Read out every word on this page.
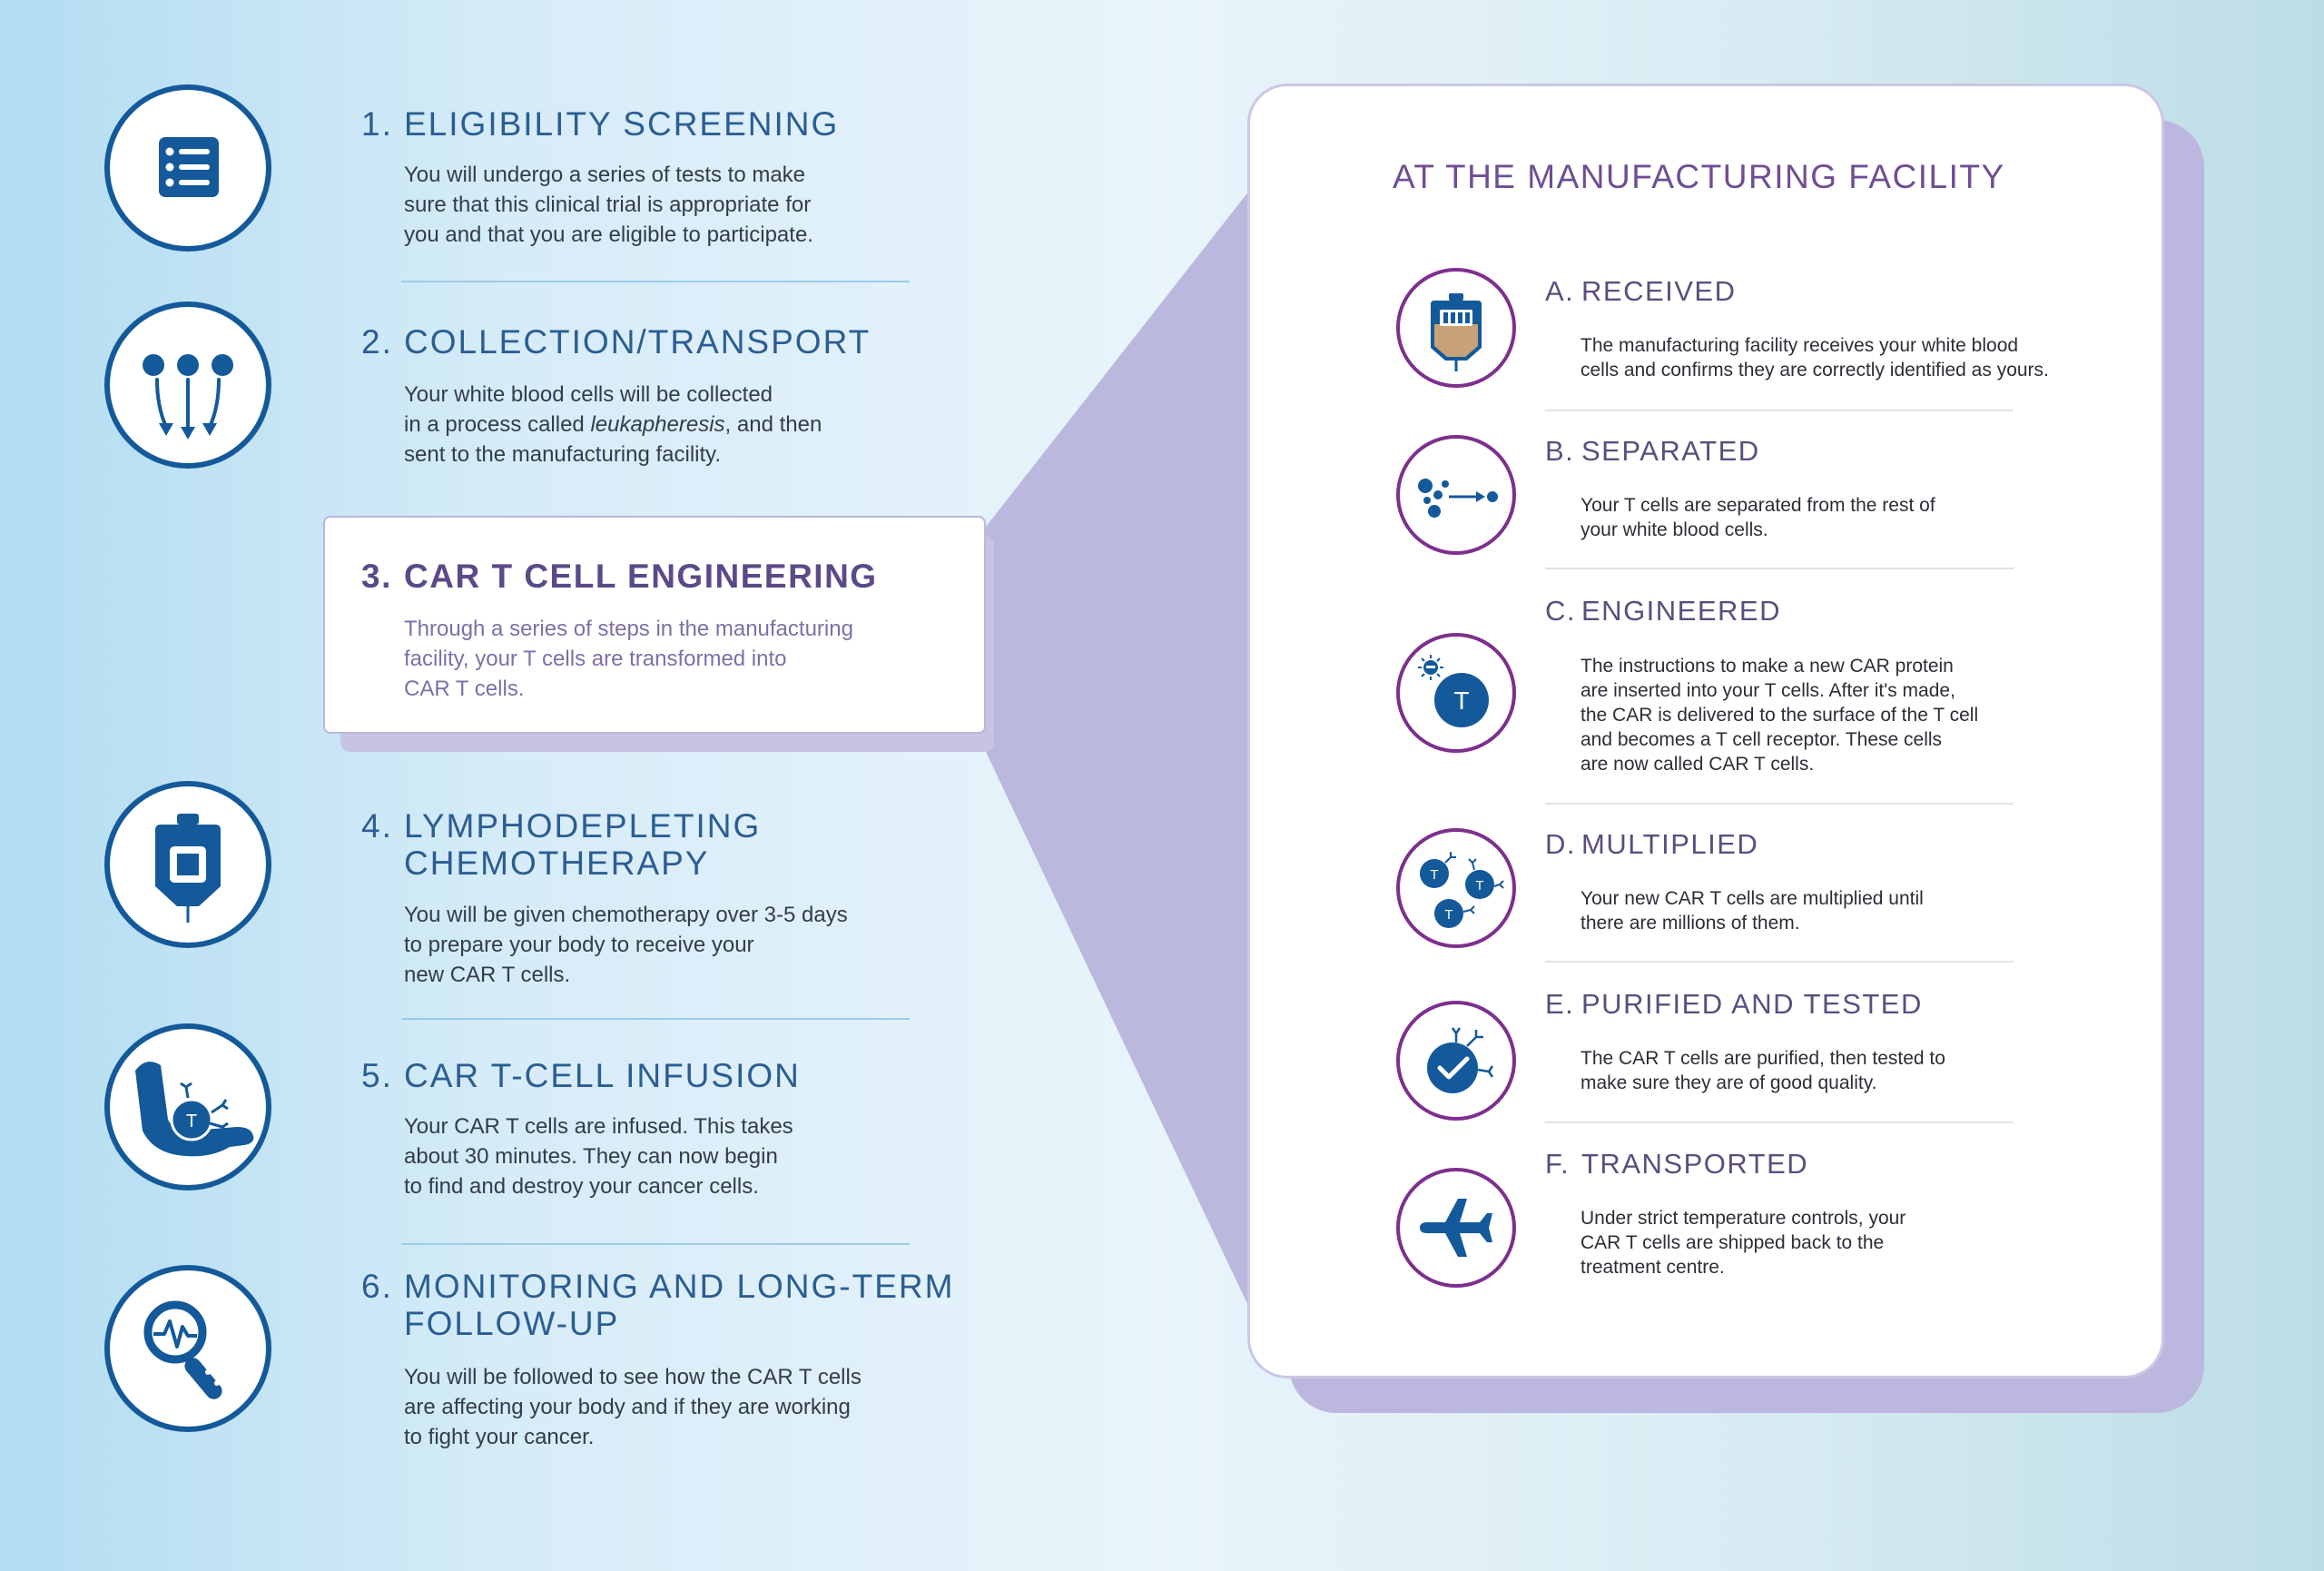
1. ELIGIBILITY SCREENING
You will undergo a series of tests to make
sure that this clinical trial is appropriate for
you and that you are eligible to participate.
2. COLLECTION/TRANSPORT
Your white blood cells will be collected
in a process called leukapheresis, and then
sent to the manufacturing facility.
3. CAR T CELL ENGINEERING
Through a series of steps in the manufacturing
facility, your T cells are transformed into
CAR T cells.
4. LYMPHODEPLETING
CHEMOTHERAPY
You will be given chemotherapy over 3-5 days
to prepare your body to receive your
new CAR T cells.
T
5. CAR T-CELL INFUSION
Your CAR T cells are infused. This takes
about 30 minutes. They can now begin
to find and destroy your cancer cells.
6. MONITORING AND LONG-TERM
FOLLOW-UP
You will be followed to see how the CAR T cells
are affecting your body and if they are working
to fight your cancer.
AT THE MANUFACTURING FACILITY
A. RECEIVED
The manufacturing facility receives your white blood
cells and confirms they are correctly identified as yours.
B. SEPARATED
Your T cells are separated from the rest of
your white blood cells.
T
C. ENGINEERED
The instructions to make a new CAR protein
are inserted into your T cells. After it's made,
the CAR is delivered to the surface of the T cell
and becomes a T cell receptor. These cells
are now called CAR T cells.
T
T
T
D. MULTIPLIED
Your new CAR T cells are multiplied until
there are millions of them.
E. PURIFIED AND TESTED
The CAR T cells are purified, then tested to
make sure they are of good quality.
F. TRANSPORTED
Under strict temperature controls, your
CAR T cells are shipped back to the
treatment centre.
